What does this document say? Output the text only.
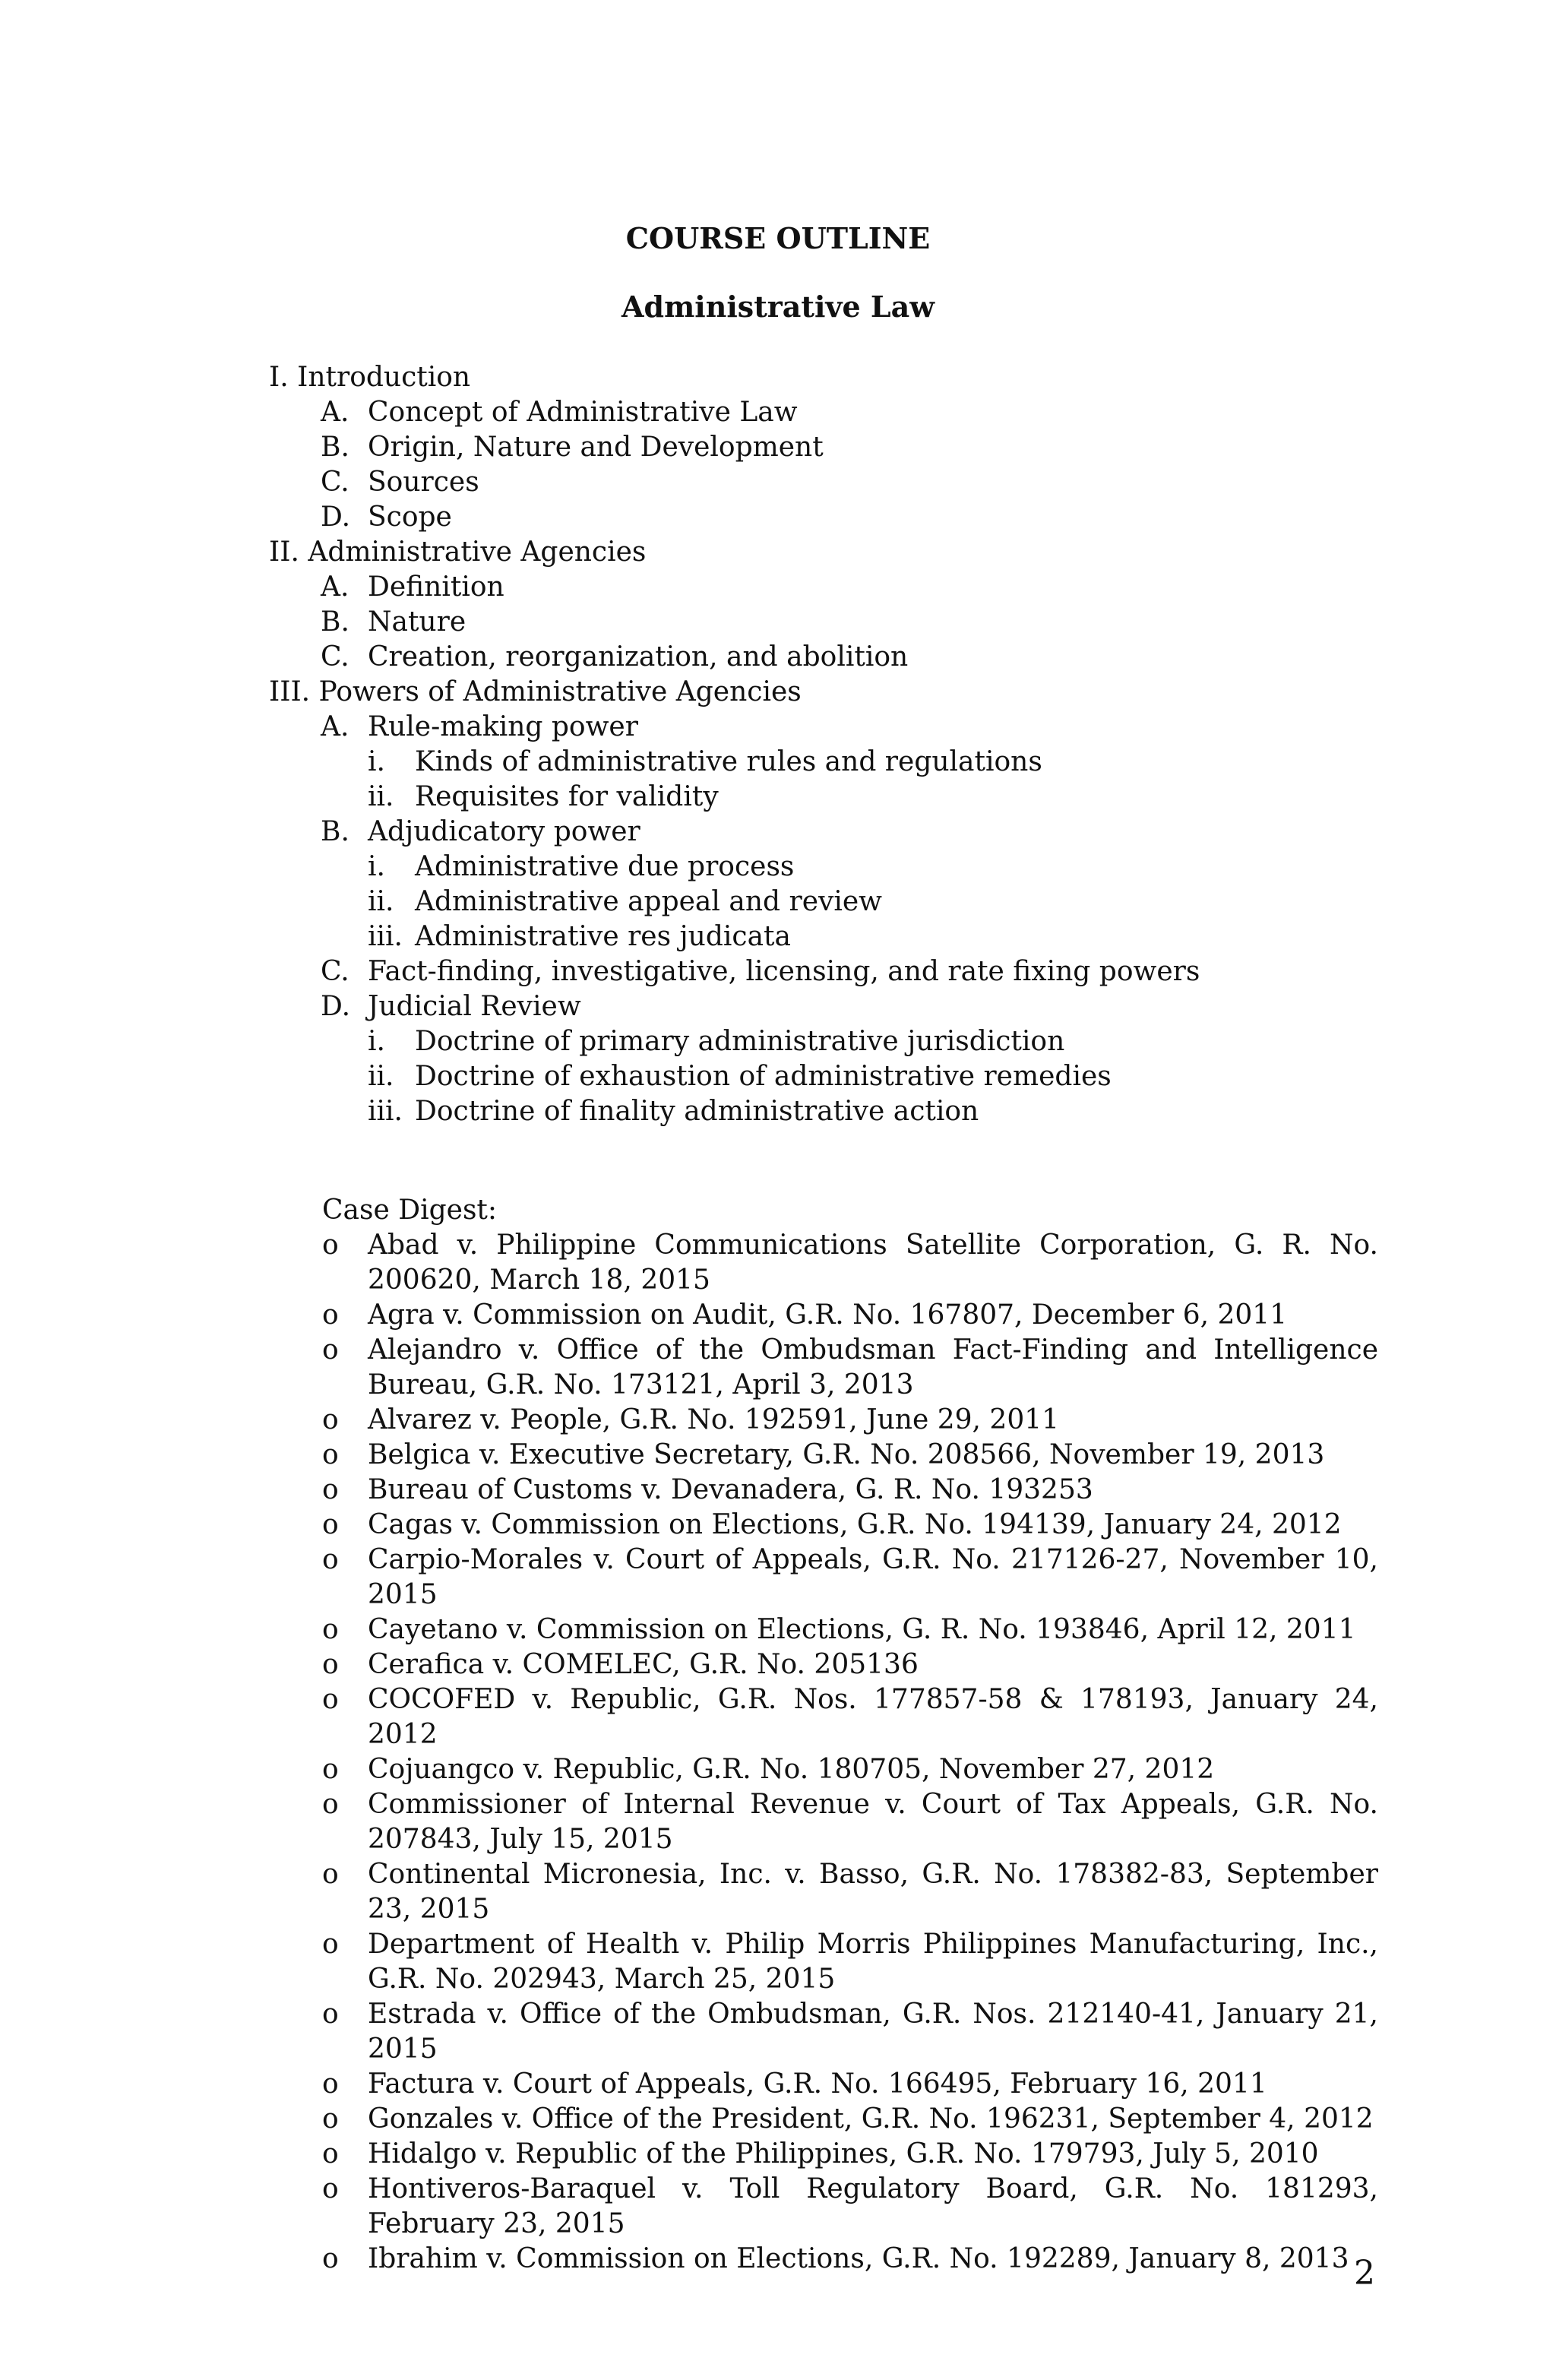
COURSE OUTLINE
Administrative Law
I. Introduction
A. Concept of Administrative Law
B. Origin, Nature and Development
C. Sources
D. Scope
II. Administrative Agencies
A. Definition
B. Nature
C. Creation, reorganization, and abolition
III. Powers of Administrative Agencies
A. Rule-making power
i. Kinds of administrative rules and regulations
ii. Requisites for validity
B. Adjudicatory power
i. Administrative due process
ii. Administrative appeal and review
iii. Administrative res judicata
C. Fact-finding, investigative, licensing, and rate fixing powers
D. Judicial Review
i. Doctrine of primary administrative jurisdiction
ii. Doctrine of exhaustion of administrative remedies
iii. Doctrine of finality administrative action
Case Digest:
o Abad v. Philippine Communications Satellite Corporation, G. R. No. 200620, March 18, 2015
o Agra v. Commission on Audit, G.R. No. 167807, December 6, 2011
o Alejandro v. Office of the Ombudsman Fact-Finding and Intelligence Bureau, G.R. No. 173121, April 3, 2013
o Alvarez v. People, G.R. No. 192591, June 29, 2011
o Belgica v. Executive Secretary, G.R. No. 208566, November 19, 2013
o Bureau of Customs v. Devanadera, G. R. No. 193253
o Cagas v. Commission on Elections, G.R. No. 194139, January 24, 2012
o Carpio-Morales v. Court of Appeals, G.R. No. 217126-27, November 10, 2015
o Cayetano v. Commission on Elections, G. R. No. 193846, April 12, 2011
o Cerafica v. COMELEC, G.R. No. 205136
o COCOFED v. Republic, G.R. Nos. 177857-58 & 178193, January 24, 2012
o Cojuangco v. Republic, G.R. No. 180705, November 27, 2012
o Commissioner of Internal Revenue v. Court of Tax Appeals, G.R. No. 207843, July 15, 2015
o Continental Micronesia, Inc. v. Basso, G.R. No. 178382-83, September 23, 2015
o Department of Health v. Philip Morris Philippines Manufacturing, Inc., G.R. No. 202943, March 25, 2015
o Estrada v. Office of the Ombudsman, G.R. Nos. 212140-41, January 21, 2015
o Factura v. Court of Appeals, G.R. No. 166495, February 16, 2011
o Gonzales v. Office of the President, G.R. No. 196231, September 4, 2012
o Hidalgo v. Republic of the Philippines, G.R. No. 179793, July 5, 2010
o Hontiveros-Baraquel v. Toll Regulatory Board, G.R. No. 181293, February 23, 2015
o Ibrahim v. Commission on Elections, G.R. No. 192289, January 8, 2013 2
